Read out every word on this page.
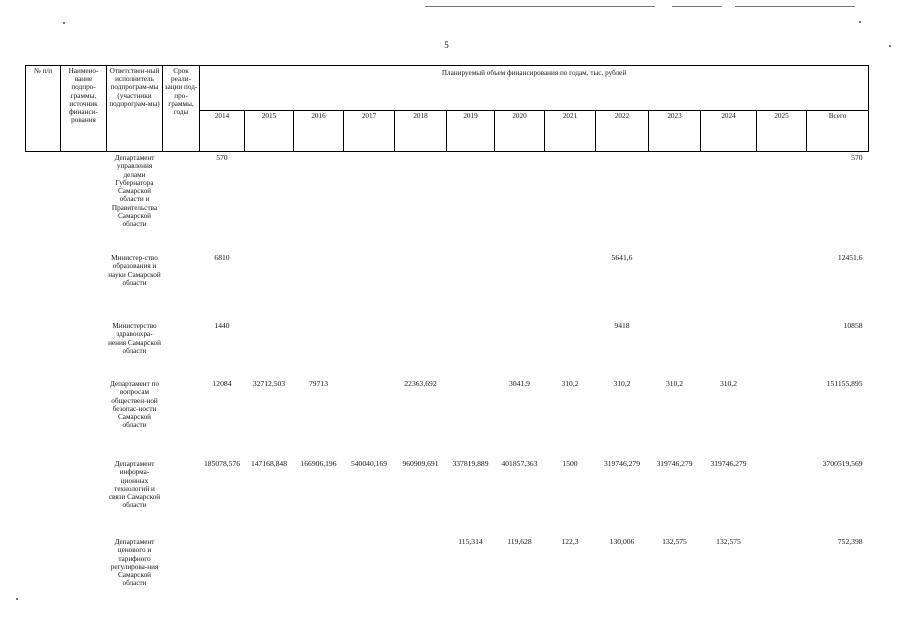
5
№ п/п	Наимено-вание подпро-граммы, источник финанси-рования	Ответствен-ный исполнитель подпрограм-мы (участники подпрограм-мы)	Срок реали-зации под-про-граммы, годы	Планируемый объем финансирования по годам, тыс. рублей												
				2014	2015	2016	2017	2018	2019	2020	2021	2022	2023	2024	2025	Всего
		Департамент управления делами Губернатора Самарской области и Правительства Самарской области		570												570
		Министер-ство образования и науки Самарской области		6810								5641,6				12451,6
		Министерство здравоохра-нения Самарской области		1440								9418				10858
		Департамент по вопросам обществен-ной безопас-ности Самарской области		12084	32712,503	79713		22363,692		3041,9	310,2	310,2	310,2	310,2		151155,895
		Департамент информа-ционных технологий и связи Самарской области		185078,576	147168,848	166906,196	540040,169	960909,691	337819,889	401857,363	1500	319746,279	319746,279	319746,279		3700519,569
		Департамент ценового и тарифного регулирова-ния Самарской области							115,314	119,628	122,3	130,006	132,575	132,575		752,398
